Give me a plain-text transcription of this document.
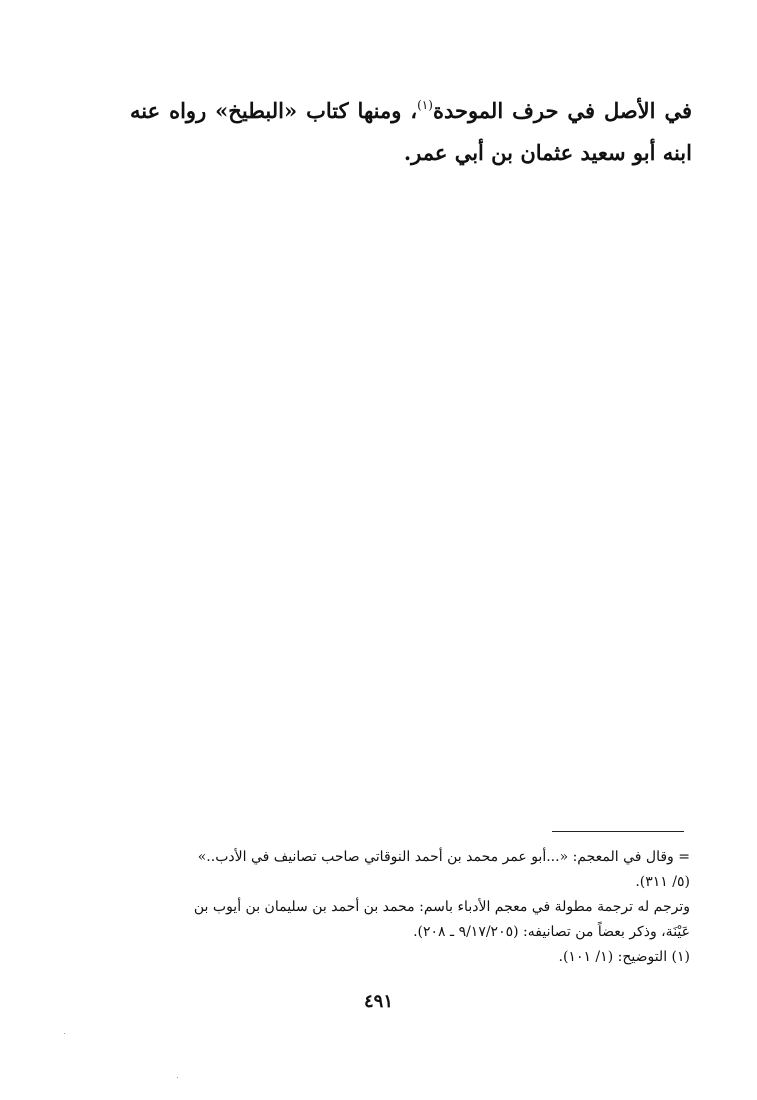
في الأصل في حرف الموحدة$^{(١)}$، ومنها كتاب «البطيخ» رواه عنه ابنه أبو سعيد عثمان بن أبي عمر.
= وقال في المعجم: «...أبو عمر محمد بن أحمد النوقاتي صاحب تصانيف في الأدب..»
(٥/ ٣١١).
وترجم له ترجمة مطولة في معجم الأدباء باسم: محمد بن أحمد بن سليمان بن أيوب بن
عَيْنَة، وذكر بعضاً من تصانيفه: (٩/١٧/٢٠٥ ـ ٢٠٨).
(١) التوضيح: (١/ ١٠١).
٤٩١
